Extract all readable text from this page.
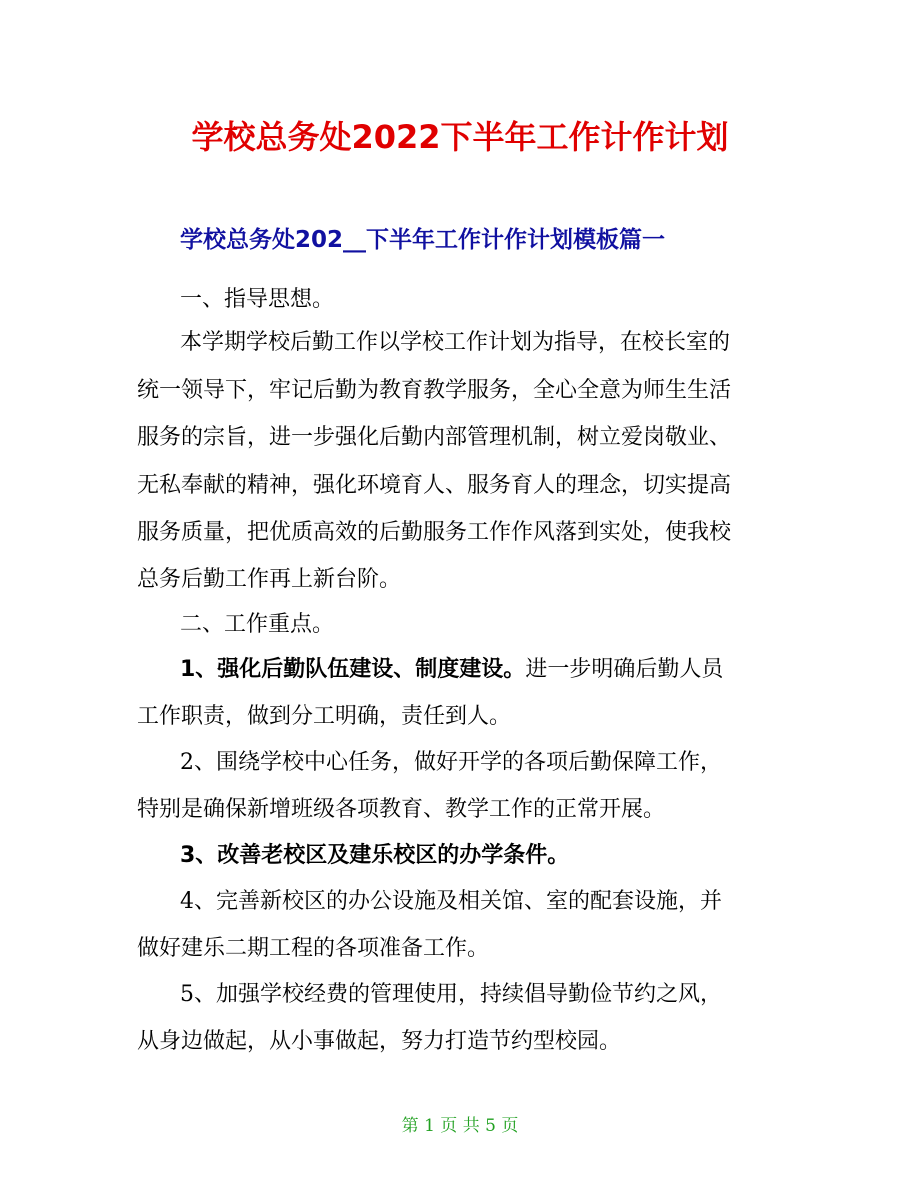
学校总务处2022下半年工作计作计划
学校总务处202__下半年工作计作计划模板篇一
一、指导思想。
本学期学校后勤工作以学校工作计划为指导，在校长室的
统一领导下，牢记后勤为教育教学服务，全心全意为师生生活
服务的宗旨，进一步强化后勤内部管理机制，树立爱岗敬业、
无私奉献的精神，强化环境育人、服务育人的理念，切实提高
服务质量，把优质高效的后勤服务工作作风落到实处，使我校
总务后勤工作再上新台阶。
二、工作重点。
1、强化后勤队伍建设、制度建设。进一步明确后勤人员
工作职责，做到分工明确，责任到人。
2、围绕学校中心任务，做好开学的各项后勤保障工作，
特别是确保新增班级各项教育、教学工作的正常开展。
3、改善老校区及建乐校区的办学条件。
4、完善新校区的办公设施及相关馆、室的配套设施，并
做好建乐二期工程的各项准备工作。
5、加强学校经费的管理使用，持续倡导勤俭节约之风，
从身边做起，从小事做起，努力打造节约型校园。
第 1 页 共 5 页
